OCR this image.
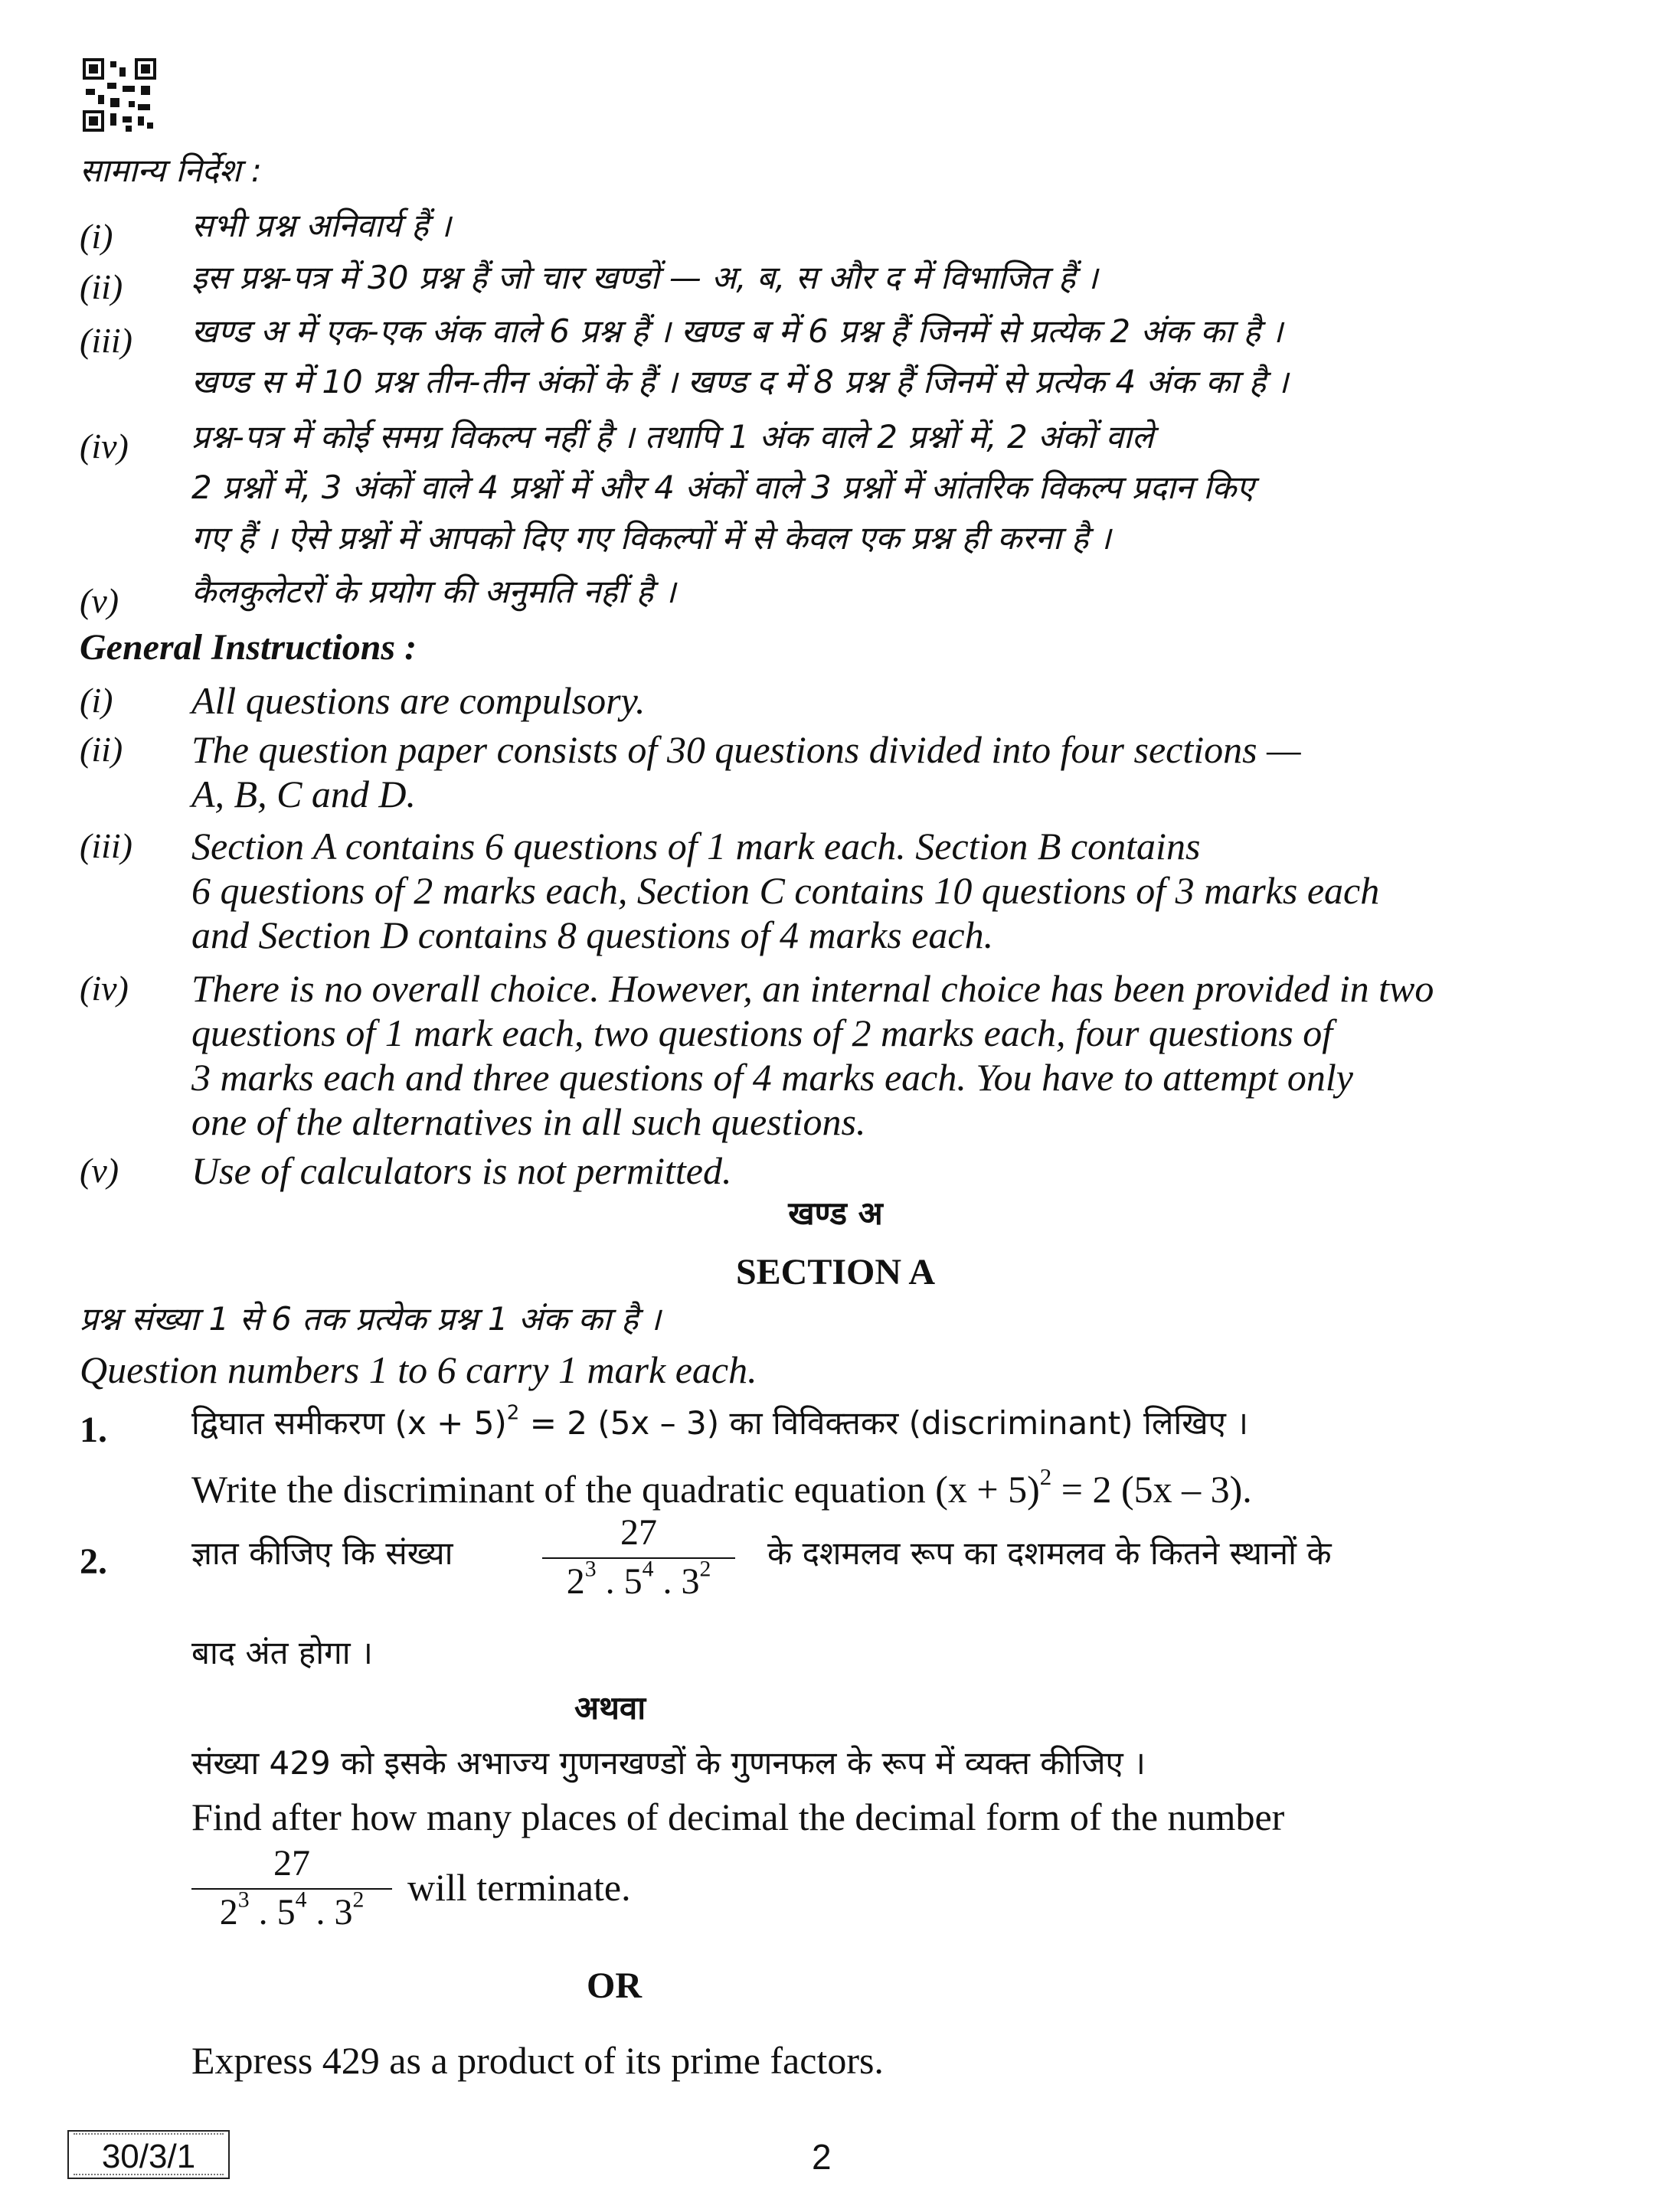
सामान्य निर्देश :
(i) सभी प्रश्न अनिवार्य हैं ।
(ii) इस प्रश्न-पत्र में 30 प्रश्न हैं जो चार खण्डों — अ, ब, स और द में विभाजित हैं ।
(iii) खण्ड अ में एक-एक अंक वाले 6 प्रश्न हैं । खण्ड ब में 6 प्रश्न हैं जिनमें से प्रत्येक 2 अंक का है ।
खण्ड स में 10 प्रश्न तीन-तीन अंकों के हैं । खण्ड द में 8 प्रश्न हैं जिनमें से प्रत्येक 4 अंक का है ।
(iv) प्रश्न-पत्र में कोई समग्र विकल्प नहीं है । तथापि 1 अंक वाले 2 प्रश्नों में, 2 अंकों वाले
2 प्रश्नों में, 3 अंकों वाले 4 प्रश्नों में और 4 अंकों वाले 3 प्रश्नों में आंतरिक विकल्प प्रदान किए
गए हैं । ऐसे प्रश्नों में आपको दिए गए विकल्पों में से केवल एक प्रश्न ही करना है ।
(v) कैलकुलेटरों के प्रयोग की अनुमति नहीं है ।
General Instructions :
(i) All questions are compulsory.
(ii) The question paper consists of 30 questions divided into four sections —
A, B, C and D.
(iii) Section A contains 6 questions of 1 mark each. Section B contains
6 questions of 2 marks each, Section C contains 10 questions of 3 marks each
and Section D contains 8 questions of 4 marks each.
(iv) There is no overall choice. However, an internal choice has been provided in two
questions of 1 mark each, two questions of 2 marks each, four questions of
3 marks each and three questions of 4 marks each. You have to attempt only
one of the alternatives in all such questions.
(v) Use of calculators is not permitted.
खण्ड अ
SECTION A
प्रश्न संख्या 1 से 6 तक प्रत्येक प्रश्न 1 अंक का है ।
Question numbers 1 to 6 carry 1 mark each.
1.	द्विघात समीकरण $(x + 5)^2 = 2$ (5x – 3) का विविक्तकर (discriminant) लिखिए ।
Write the discriminant of the quadratic equation $(x + 5)^2 = 2$ (5x – 3).
2.	ज्ञात कीजिए कि संख्या
27
$2^3$ . $5^4$ . $3^2$	के दशमलव रूप का दशमलव के कितने स्थानों के
बाद अंत होगा ।
अथवा
संख्या 429 को इसके अभाज्य गुणनखण्डों के गुणनफल के रूप में व्यक्त कीजिए ।
Find after how many places of decimal the decimal form of the number
27
$2^3$ . $5^4$ . $3^2$	will terminate.
OR
Express 429 as a product of its prime factors.
30/3/1	2
